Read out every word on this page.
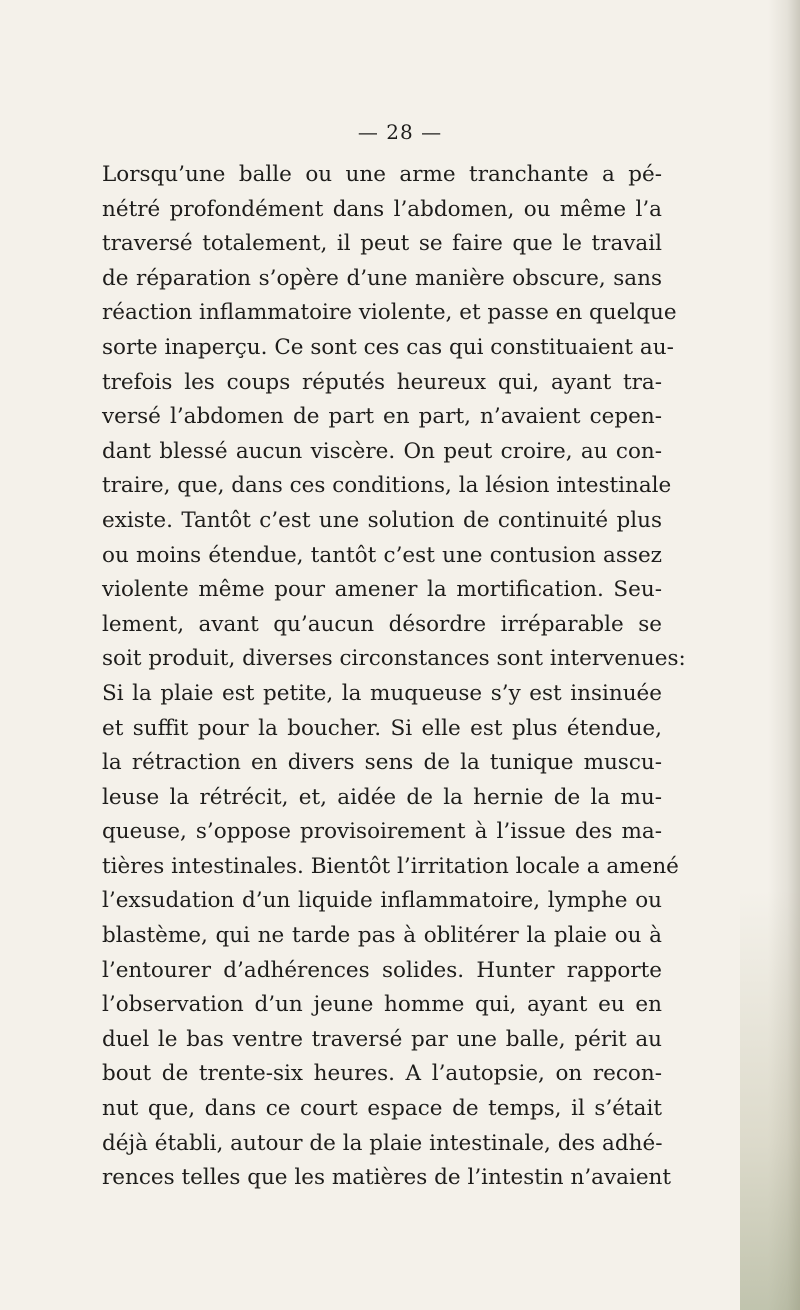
— 28 —
Lorsqu’une balle ou une arme tranchante a pé-
nétré profondément dans l’abdomen, ou même l’a
traversé totalement, il peut se faire que le travail
de réparation s’opère d’une manière obscure, sans
réaction inflammatoire violente, et passe en quelque
sorte inaperçu. Ce sont ces cas qui constituaient au-
trefois les coups réputés heureux qui, ayant tra-
versé l’abdomen de part en part, n’avaient cepen-
dant blessé aucun viscère. On peut croire, au con-
traire, que, dans ces conditions, la lésion intestinale
existe. Tantôt c’est une solution de continuité plus
ou moins étendue, tantôt c’est une contusion assez
violente même pour amener la mortification. Seu-
lement, avant qu’aucun désordre irréparable se
soit produit, diverses circonstances sont intervenues:
Si la plaie est petite, la muqueuse s’y est insinuée
et suffit pour la boucher. Si elle est plus étendue,
la rétraction en divers sens de la tunique muscu-
leuse la rétrécit, et, aidée de la hernie de la mu-
queuse, s’oppose provisoirement à l’issue des ma-
tières intestinales. Bientôt l’irritation locale a amené
l’exsudation d’un liquide inflammatoire, lymphe ou
blastème, qui ne tarde pas à oblitérer la plaie ou à
l’entourer d’adhérences solides. Hunter rapporte
l’observation d’un jeune homme qui, ayant eu en
duel le bas ventre traversé par une balle, périt au
bout de trente-six heures. A l’autopsie, on recon-
nut que, dans ce court espace de temps, il s’était
déjà établi, autour de la plaie intestinale, des adhé-
rences telles que les matières de l’intestin n’avaient
